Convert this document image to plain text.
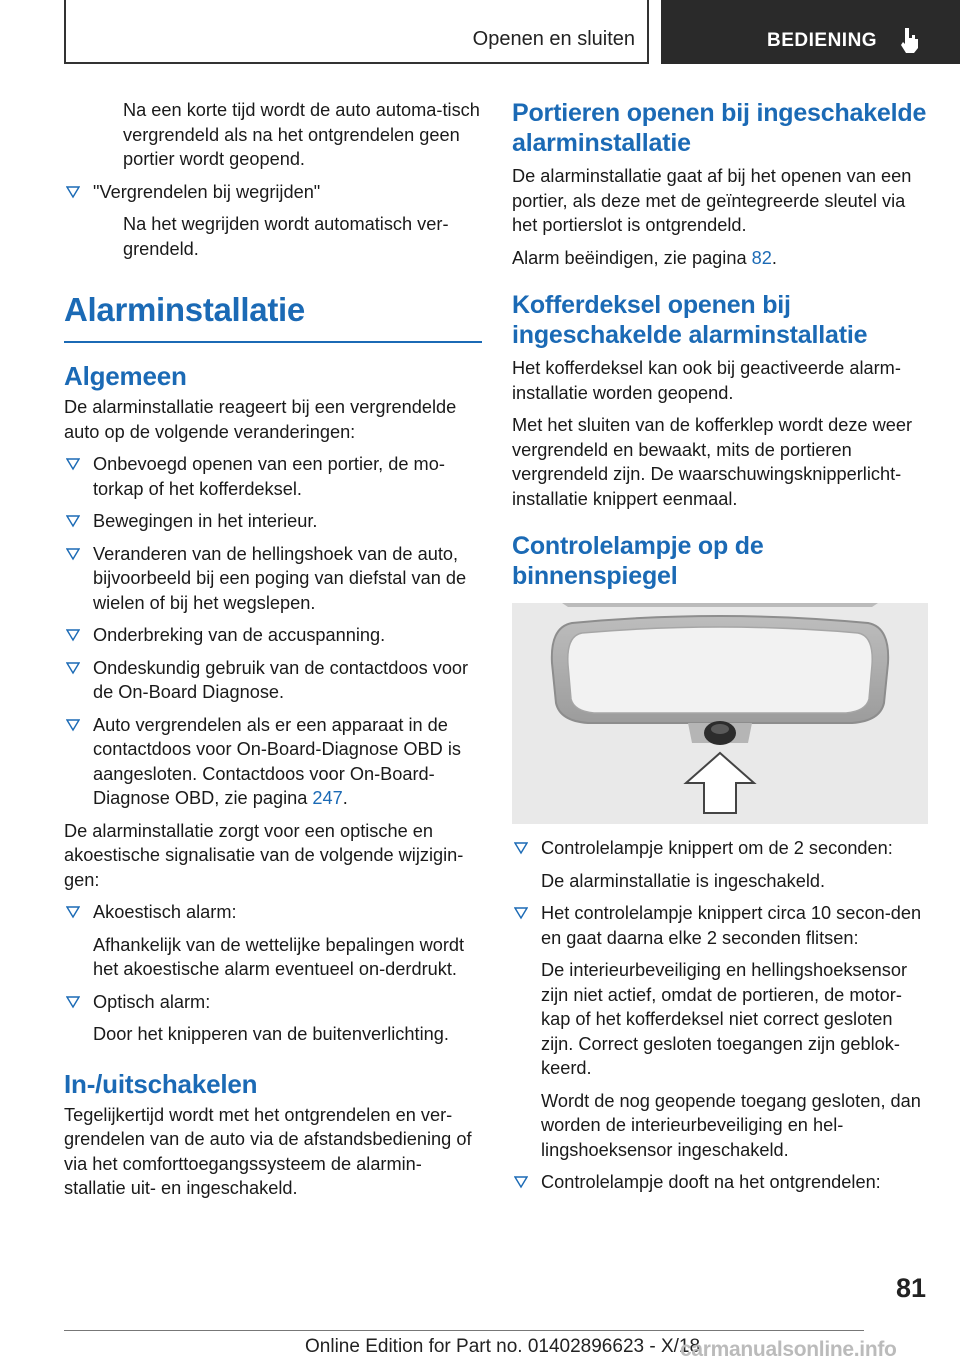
Openen en sluiten	BEDIENING

Na een korte tijd wordt de auto automa-tisch vergrendeld als na het ontgrendelen geen portier wordt geopend.

"Vergrendelen bij wegrijden"

Na het wegrijden wordt automatisch ver-grendeld.

Alarminstallatie
Algemeen

De alarminstallatie reageert bij een vergrendelde auto op de volgende veranderingen:

Onbevoegd openen van een portier, de mo-torkap of het kofferdeksel.
Bewegingen in het interieur.
Veranderen van de hellingshoek van de auto, bijvoorbeeld bij een poging van diefstal van de wielen of bij het wegslepen.
Onderbreking van de accuspanning.
Ondeskundig gebruik van de contactdoos voor de On-Board Diagnose.
Auto vergrendelen als er een apparaat in de contactdoos voor On-Board-Diagnose OBD is aangesloten. Contactdoos voor On-Board-Diagnose OBD, zie pagina 247.

De alarminstallatie zorgt voor een optische en akoestische signalisatie van de volgende wijzigin-gen:

Akoestisch alarm:

Afhankelijk van de wettelijke bepalingen wordt het akoestische alarm eventueel on-derdrukt.

Optisch alarm:

Door het knipperen van de buitenverlichting.

In-/uitschakelen

Tegelijkertijd wordt met het ontgrendelen en ver-grendelen van de auto via de afstandsbediening of via het comforttoegangssysteem de alarmin-stallatie uit- en ingeschakeld.

Portieren openen bij ingeschakelde alarminstallatie

De alarminstallatie gaat af bij het openen van een portier, als deze met de geïntegreerde sleutel via het portierslot is ontgrendeld.

Alarm beëindigen, zie pagina 82.

Kofferdeksel openen bij ingeschakelde alarminstallatie

Het kofferdeksel kan ook bij geactiveerde alarm-installatie worden geopend.

Met het sluiten van de kofferklep wordt deze weer vergrendeld en bewaakt, mits de portieren vergrendeld zijn. De waarschuwingsknipperlicht-installatie knippert eenmaal.

Controlelampje op de binnenspiegel
Controlelampje knippert om de 2 seconden:

De alarminstallatie is ingeschakeld.

Het controlelampje knippert circa 10 secon-den en gaat daarna elke 2 seconden flitsen:

De interieurbeveiliging en hellingshoeksensor zijn niet actief, omdat de portieren, de motor-kap of het kofferdeksel niet correct gesloten zijn. Correct gesloten toegangen zijn geblok-keerd.

Wordt de nog geopende toegang gesloten, dan worden de interieurbeveiliging en hel-lingshoeksensor ingeschakeld.

Controlelampje dooft na het ontgrendelen:
81
Online Edition for Part no. 01402896623 - X/18
carmanualsonline.info
